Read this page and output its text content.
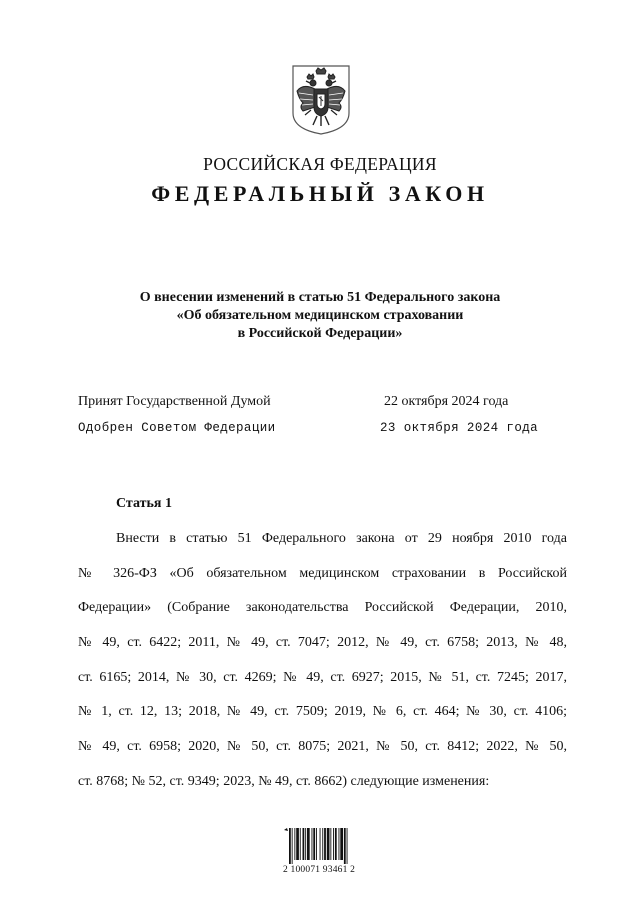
РОССИЙСКАЯ ФЕДЕРАЦИЯ
ФЕДЕРАЛЬНЫЙ ЗАКОН
О внесении изменений в статью 51 Федерального закона
«Об обязательном медицинском страховании
в Российской Федерации»
Принят Государственной Думой	22 октября 2024 года
Одобрен Советом Федерации	23 октября 2024 года
Статья 1
Внести в статью 51 Федерального закона от 29 ноября 2010 года
№ 326-ФЗ «Об обязательном медицинском страховании в Российской
Федерации» (Собрание законодательства Российской Федерации, 2010,
№ 49, ст. 6422; 2011, № 49, ст. 7047; 2012, № 49, ст. 6758; 2013, № 48,
ст. 6165; 2014, № 30, ст. 4269; № 49, ст. 6927; 2015, № 51, ст. 7245; 2017,
№ 1, ст. 12, 13; 2018, № 49, ст. 7509; 2019, № 6, ст. 464; № 30, ст. 4106;
№ 49, ст. 6958; 2020, № 50, ст. 8075; 2021, № 50, ст. 8412; 2022, № 50,
ст. 8768; № 52, ст. 9349; 2023, № 49, ст. 8662) следующие изменения:
2 100071 93461 2
